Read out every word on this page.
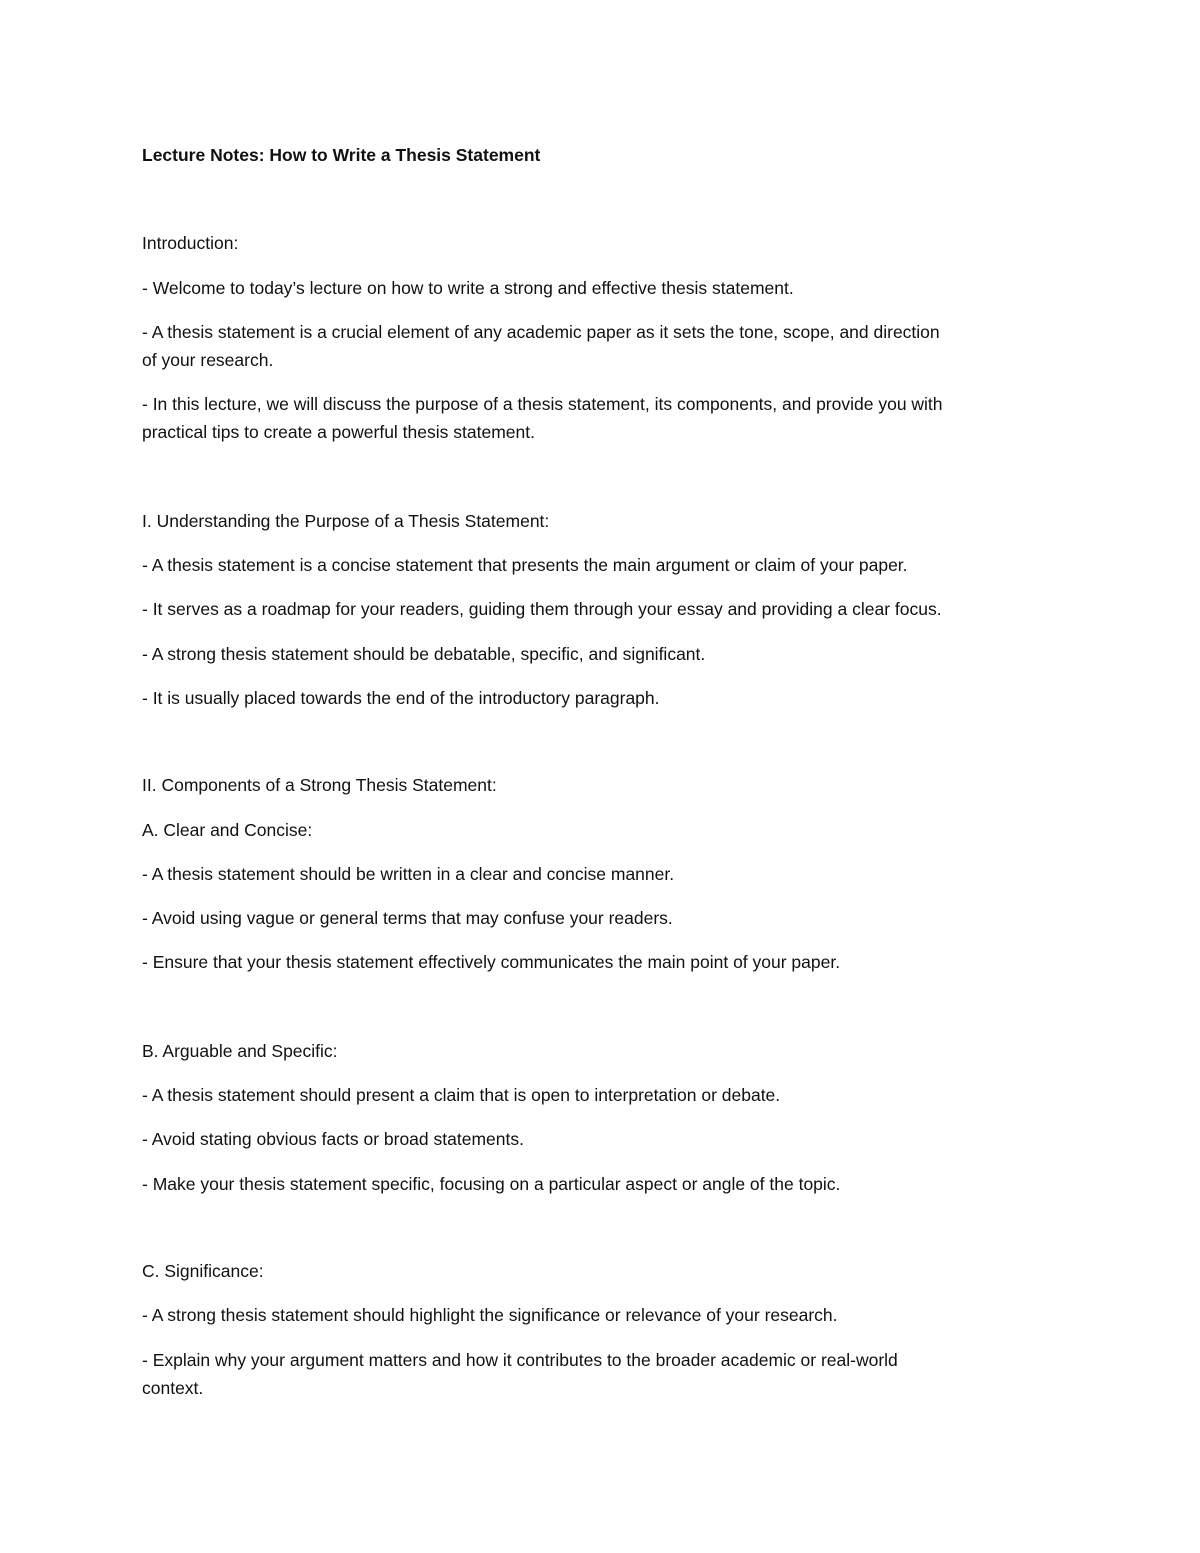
Lecture Notes: How to Write a Thesis Statement

Introduction:

- Welcome to today’s lecture on how to write a strong and effective thesis statement.

- A thesis statement is a crucial element of any academic paper as it sets the tone, scope, and direction

of your research.

- In this lecture, we will discuss the purpose of a thesis statement, its components, and provide you with

practical tips to create a powerful thesis statement.

I. Understanding the Purpose of a Thesis Statement:

- A thesis statement is a concise statement that presents the main argument or claim of your paper.

- It serves as a roadmap for your readers, guiding them through your essay and providing a clear focus.

- A strong thesis statement should be debatable, specific, and significant.

- It is usually placed towards the end of the introductory paragraph.

II. Components of a Strong Thesis Statement:

A. Clear and Concise:

- A thesis statement should be written in a clear and concise manner.

- Avoid using vague or general terms that may confuse your readers.

- Ensure that your thesis statement effectively communicates the main point of your paper.

B. Arguable and Specific:

- A thesis statement should present a claim that is open to interpretation or debate.

- Avoid stating obvious facts or broad statements.

- Make your thesis statement specific, focusing on a particular aspect or angle of the topic.

C. Significance:

- A strong thesis statement should highlight the significance or relevance of your research.

- Explain why your argument matters and how it contributes to the broader academic or real-world

context.
